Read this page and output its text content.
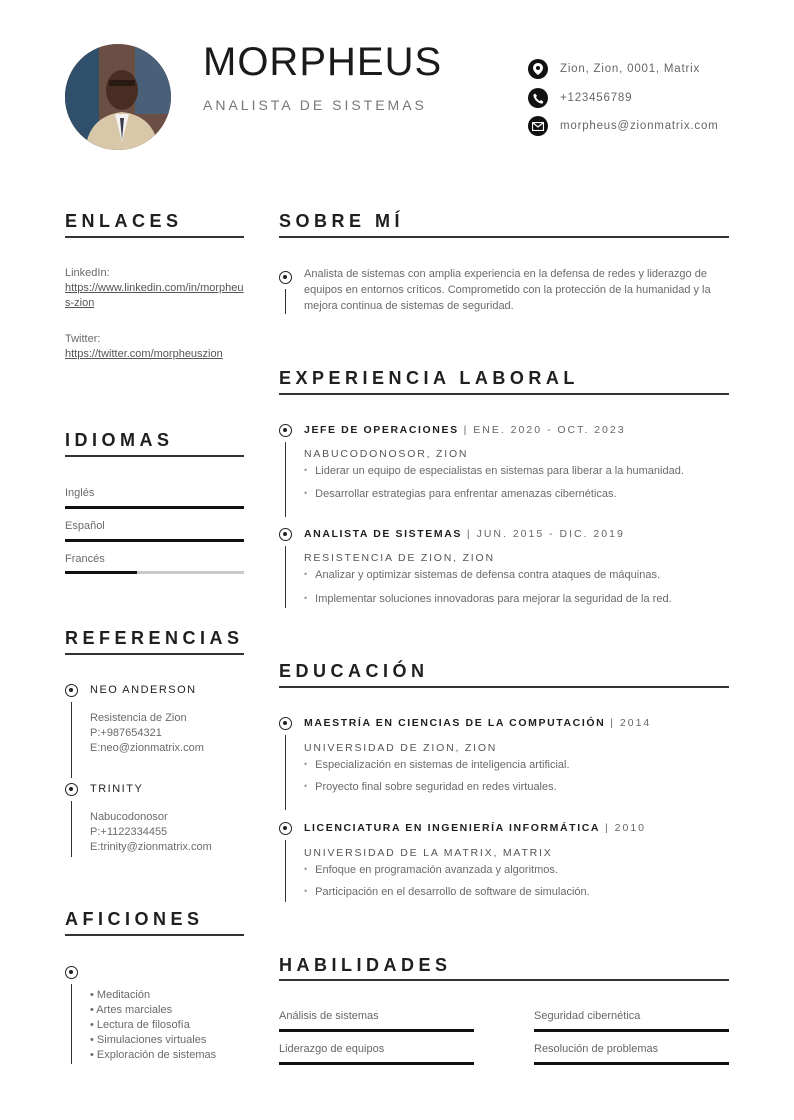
MORPHEUS
ANALISTA DE SISTEMAS
Zion, Zion, 0001, Matrix
+123456789
morpheus@zionmatrix.com
ENLACES
LinkedIn:
https://www.linkedin.com/in/morpheus-zion
Twitter:
https://twitter.com/morpheuszion
IDIOMAS
Inglés
Español
Francés
REFERENCIAS
NEO ANDERSON
Resistencia de Zion
P:+987654321
E:neo@zionmatrix.com
TRINITY
Nabucodonosor
P:+1122334455
E:trinity@zionmatrix.com
AFICIONES
• Meditación
• Artes marciales
• Lectura de filosofía
• Simulaciones virtuales
• Exploración de sistemas
SOBRE MÍ
Analista de sistemas con amplia experiencia en la defensa de redes y liderazgo de equipos en entornos críticos. Comprometido con la protección de la humanidad y la mejora continua de sistemas de seguridad.
EXPERIENCIA LABORAL
JEFE DE OPERACIONES | ENE. 2020 - OCT. 2023
NABUCODONOSOR, ZION
• Liderar un equipo de especialistas en sistemas para liberar a la humanidad.
• Desarrollar estrategias para enfrentar amenazas cibernéticas.
ANALISTA DE SISTEMAS | JUN. 2015 - DIC. 2019
RESISTENCIA DE ZION, ZION
• Analizar y optimizar sistemas de defensa contra ataques de máquinas.
• Implementar soluciones innovadoras para mejorar la seguridad de la red.
EDUCACIÓN
MAESTRÍA EN CIENCIAS DE LA COMPUTACIÓN | 2014
UNIVERSIDAD DE ZION, ZION
• Especialización en sistemas de inteligencia artificial.
• Proyecto final sobre seguridad en redes virtuales.
LICENCIATURA EN INGENIERÍA INFORMÁTICA | 2010
UNIVERSIDAD DE LA MATRIX, MATRIX
• Enfoque en programación avanzada y algoritmos.
• Participación en el desarrollo de software de simulación.
HABILIDADES
Análisis de sistemas	Seguridad cibernética
Liderazgo de equipos	Resolución de problemas
